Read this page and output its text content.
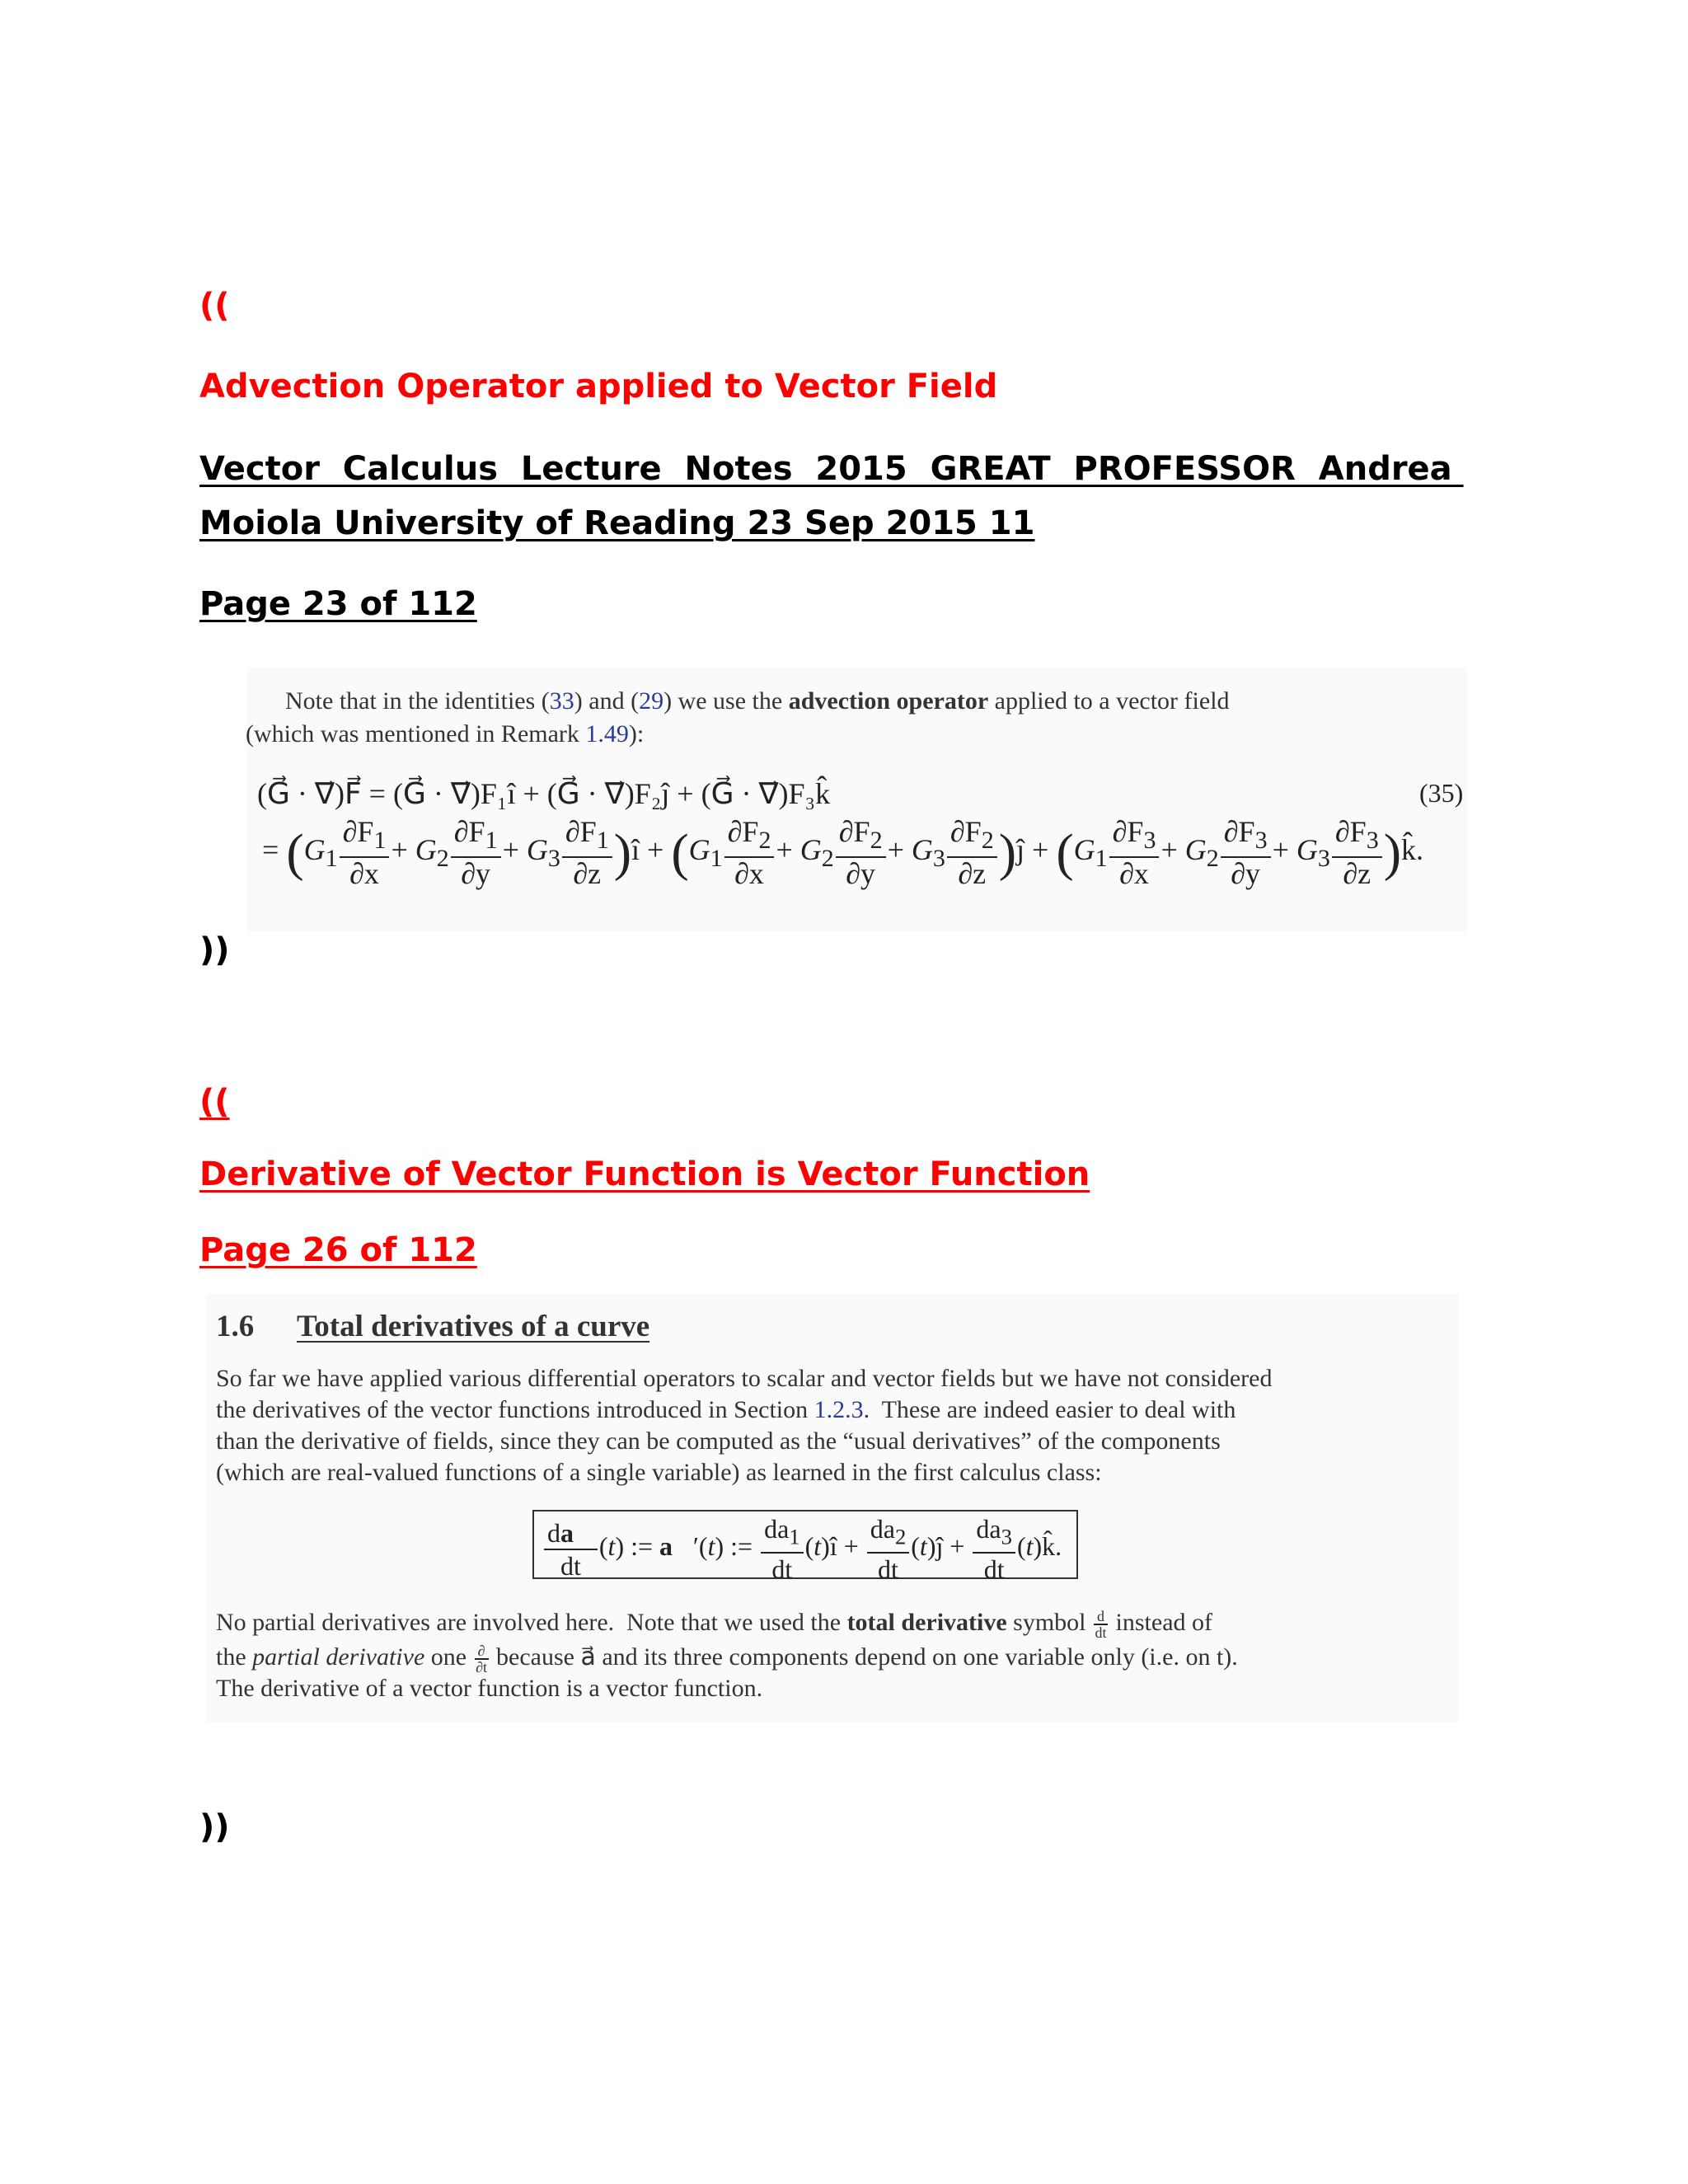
((
Advection Operator applied to Vector Field
Vector  Calculus  Lecture  Notes  2015  GREAT  PROFESSOR  Andrea
Moiola University of Reading 23 Sep 2015 11
Page 23 of 112
Note that in the identities (33) and (29) we use the advection operator applied to a vector field
(which was mentioned in Remark 1.49):
(G⃗ · ∇⃗)F⃗ = (G⃗ · ∇⃗)F₁î + (G⃗ · ∇⃗)F₂ĵ + (G⃗ · ∇⃗)F₃k̂	(35)
= ($G_1 \frac{\partial F_1}{\partial x} + G_2 \frac{\partial F_1}{\partial y} + G_3 \frac{\partial F_1}{\partial z}$ )î + ($G_1 \frac{\partial F_2}{\partial x} + G_2 \frac{\partial F_2}{\partial y} + G_3 \frac{\partial F_2}{\partial z}$ )ĵ + ($G_1 \frac{\partial F_3}{\partial x} + G_2 \frac{\partial F_3}{\partial y} + G_3 \frac{\partial F_3}{\partial z}$ )k̂.
))
((
Derivative of Vector Function is Vector Function
Page 26 of 112
1.6 Total derivatives of a curve
So far we have applied various differential operators to scalar and vector fields but we have not considered
the derivatives of the vector functions introduced in Section 1.2.3.  These are indeed easier to deal with
than the derivative of fields, since they can be computed as the “usual derivatives” of the components
(which are real-valued functions of a single variable) as learned in the first calculus class:
$\frac{da⃗}{dt} (t)$ := a⃗′(t) := $\frac{da_1}{dt}$ (t)î + $\frac{da_2}{dt}$ (t)ĵ + $\frac{da_3}{dt}$ (t)k̂.
No partial derivatives are involved here.  Note that we used the total derivative symbol $\frac{d}{dt}$ instead of
the partial derivative one $\frac{\partial}{\partial t}$ because a⃗ and its three components depend on one variable only (i.e. on t).
The derivative of a vector function is a vector function.
))
